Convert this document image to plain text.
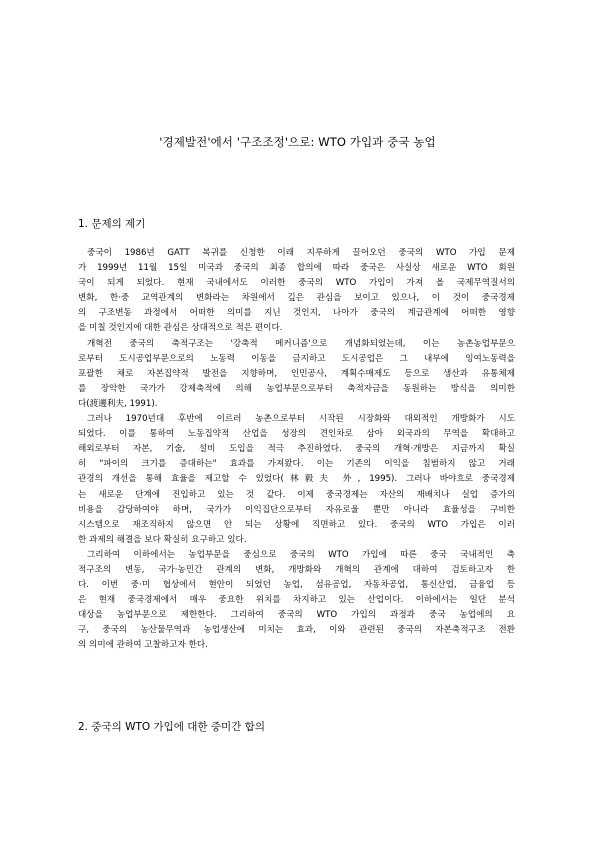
'경제발전'에서 '구조조정'으로: WTO 가입과 중국 농업
1. 문제의 제기

중국이 1986년 GATT 복귀를 신청한 이래 지루하게 끌어오던 중국의 WTO 가입 문제
가 1999년 11월 15일 미국과 중국의 최종 합의에 따라 중국은 사실상 새로운 WTO 회원
국이 되게 되었다. 현재 국내에서도 이러한 중국의 WTO 가입이 가져 올 국제무역질서의
변화, 한·중 교역관계의 변화라는 차원에서 깊은 관심을 보이고 있으나, 이 것이 중국경제
의 구조변동 과정에서 어떠한 의미를 지닌 것인지, 나아가 중국의 계급관계에 어떠한 영향
을 미칠 것인지에 대한 관심은 상대적으로 적은 편이다.

개혁전 중국의 축적구조는 '강축적 메커니즘'으로 개념화되었는데, 이는 농촌농업부문으
로부터 도시공업부문으로의 노동력 이동을 금지하고 도시공업은 그 내부에 잉여노동력을
포괄한 채로 자본집약적 발전을 지향하며, 인민공사, 계획수매제도 등으로 생산과 유통체제
를 장악한 국가가 강제축적에 의해 농업부문으로부터 축적자금을 동원하는 방식을 의미한
다(渡邊利夫, 1991).

그러나 1970년대 후반에 이르러 농촌으로부터 시작된 시장화와 대외적인 개방화가 시도
되었다. 이를 통하여 노동집약적 산업을 성장의 견인차로 삼아 외국과의 무역을 확대하고
해외로부터 자본, 기술, 설비 도입을 적극 추진하였다. 중국의 개혁·개방은 지금까지 확실
히 "파이의 크기를 증대하는" 효과를 가져왔다. 이는 기존의 이익을 침범하지 않고 거래
관경의 개선을 통해 효율을 제고할 수 있었다(林毅夫 外, 1995). 그러나 바야흐로 중국경제
는 새로운 단계에 진입하고 있는 것 같다. 이제 중국경제는 자산의 재배치나 실업 증가의
비용을 감당하여야 하며, 국가가 이익집단으로부터 자유로울 뿐만 아니라 효율성을 구비한
시스템으로 재조직하지 않으면 안 되는 상황에 직면하고 있다. 중국의 WTO 가입은 이러
한 과제의 해결을 보다 확실히 요구하고 있다.

그리하여 이하에서는 농업부문을 중심으로 중국의 WTO 가입에 따른 중국 국내적인 축
적구조의 변동, 국가·농민간 관계의 변화, 개방화와 개혁의 관계에 대하여 검토하고자 한
다. 이번 중·미 협상에서 현안이 되었던 농업, 섬유공업, 자동차공업, 통신산업, 금융업 등
은 현재 중국경제에서 매우 중요한 위치를 차지하고 있는 산업이다. 이하에서는 일단 분석
대상을 농업부문으로 제한한다. 그리하여 중국의 WTO 가입의 과정과 중국 농업에의 요
구, 중국의 농산물무역과 농업생산에 미치는 효과, 이와 관련된 중국의 자본축적구조 전환
의 의미에 관하여 고찰하고자 한다.

2. 중국의 WTO 가입에 대한 중미간 합의
